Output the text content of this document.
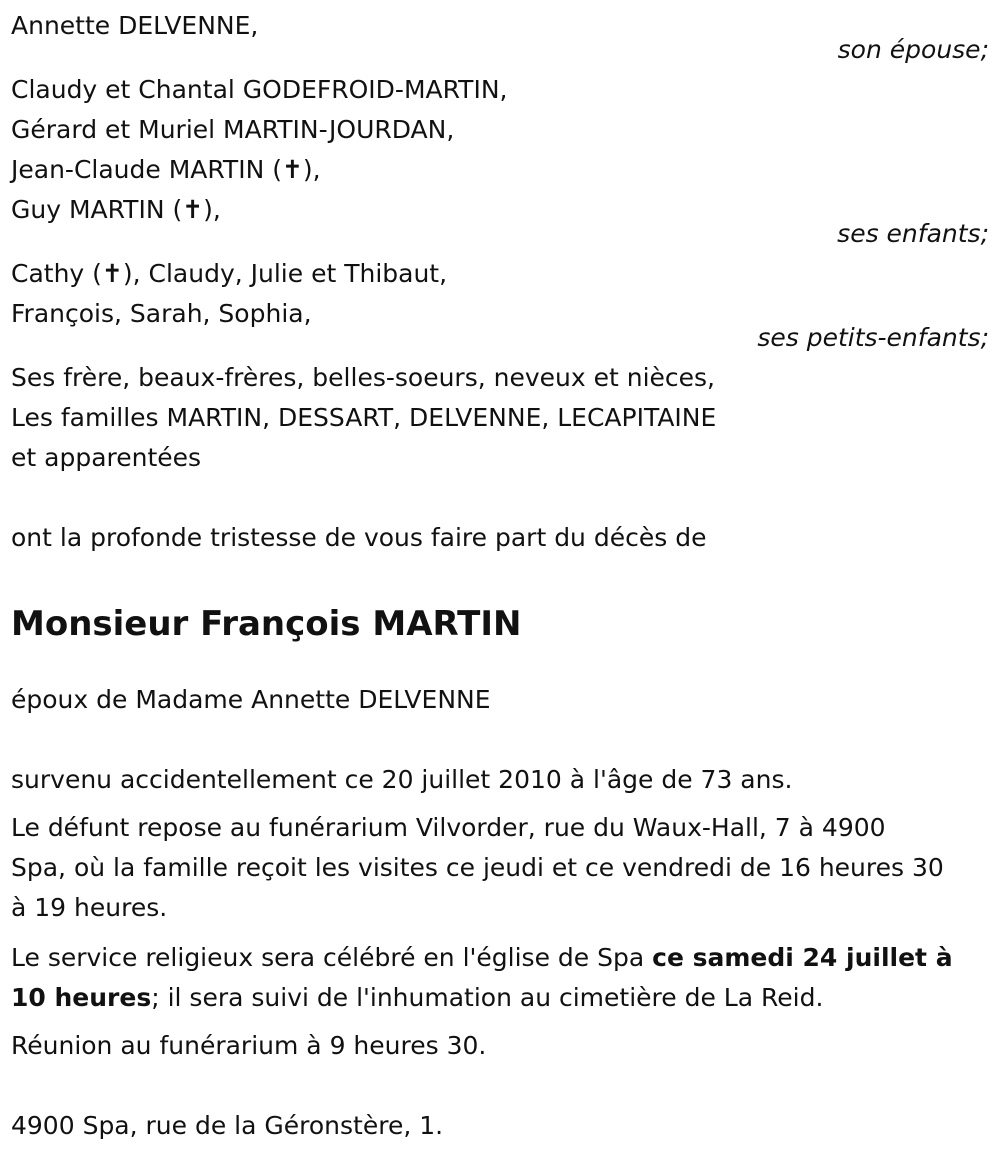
Annette DELVENNE,
son épouse;
Claudy et Chantal GODEFROID-MARTIN,
Gérard et Muriel MARTIN-JOURDAN,
Jean-Claude MARTIN (✝),
Guy MARTIN (✝),
ses enfants;
Cathy (✝), Claudy, Julie et Thibaut,
François, Sarah, Sophia,
ses petits-enfants;
Ses frère, beaux-frères, belles-soeurs, neveux et nièces,
Les familles MARTIN, DESSART, DELVENNE, LECAPITAINE
et apparentées
ont la profonde tristesse de vous faire part du décès de
Monsieur François MARTIN
époux de Madame Annette DELVENNE
survenu accidentellement ce 20 juillet 2010 à l'âge de 73 ans.
Le défunt repose au funérarium Vilvorder, rue du Waux-Hall, 7 à 4900
Spa, où la famille reçoit les visites ce jeudi et ce vendredi de 16 heures 30
à 19 heures.
Le service religieux sera célébré en l'église de Spa ce samedi 24 juillet à
10 heures; il sera suivi de l'inhumation au cimetière de La Reid.
Réunion au funérarium à 9 heures 30.
4900 Spa, rue de la Géronstère, 1.
